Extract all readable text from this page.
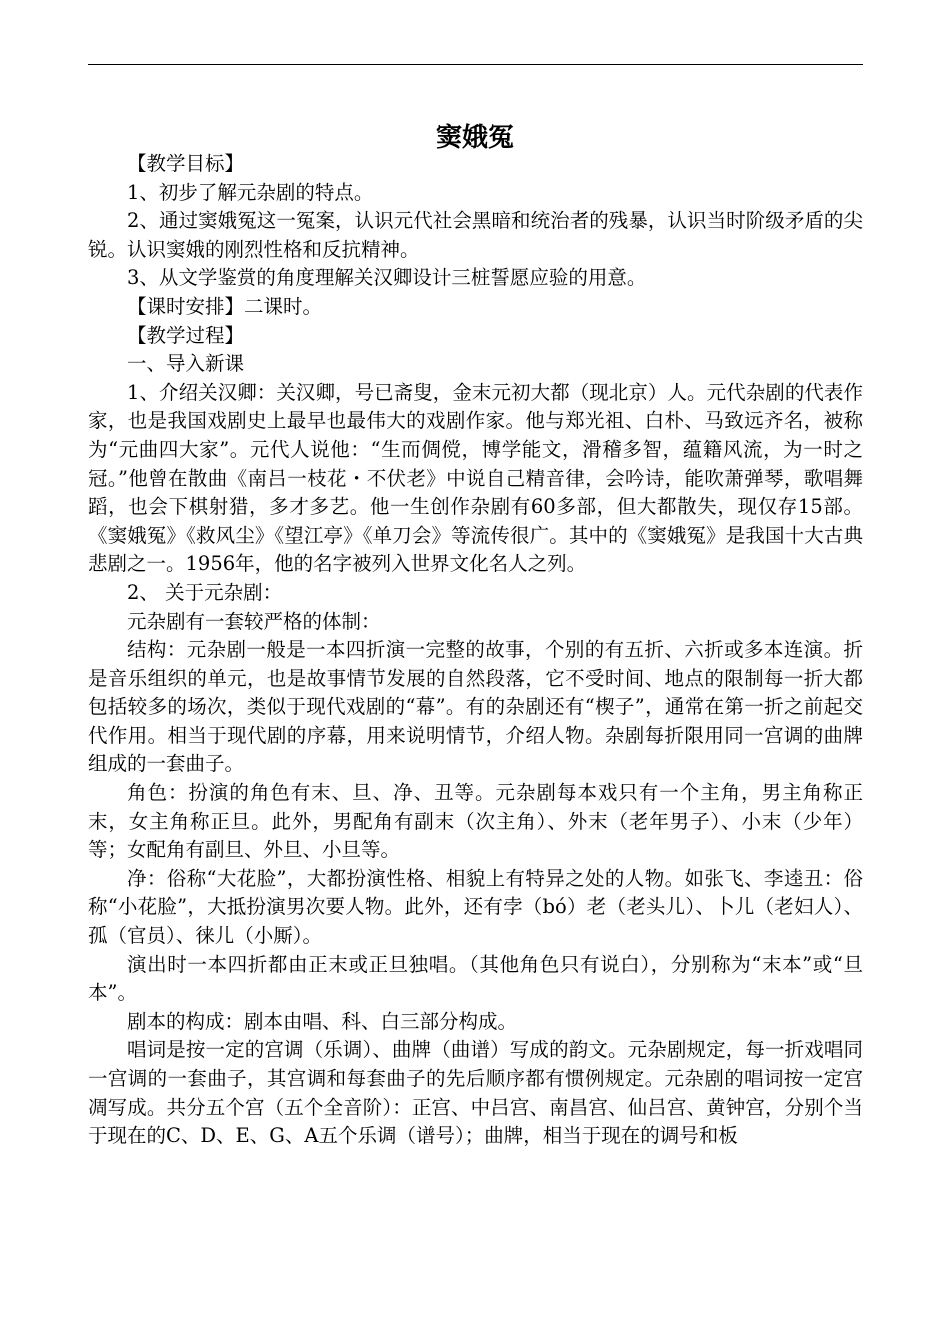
窦娥冤

【教学目标】

1、初步了解元杂剧的特点。

2、通过窦娥冤这一冤案，认识元代社会黑暗和统治者的残暴，认识当时阶级矛盾的尖锐。认识窦娥的刚烈性格和反抗精神。

3、从文学鉴赏的角度理解关汉卿设计三桩誓愿应验的用意。

【课时安排】二课时。

【教学过程】

一、导入新课

1、介绍关汉卿：关汉卿，号已斋叟，金末元初大都（现北京）人。元代杂剧的代表作家，也是我国戏剧史上最早也最伟大的戏剧作家。他与郑光祖、白朴、马致远齐名，被称为“元曲四大家”。元代人说他：“生而倜傥，博学能文，滑稽多智，蕴籍风流，为一时之冠。”他曾在散曲《南吕一枝花・不伏老》中说自己精音律，会吟诗，能吹萧弹琴，歌唱舞蹈，也会下棋射猎，多才多艺。他一生创作杂剧有60多部，但大都散失，现仅存15部。《窦娥冤》《救风尘》《望江亭》《单刀会》等流传很广。其中的《窦娥冤》是我国十大古典悲剧之一。1956年，他的名字被列入世界文化名人之列。

2、 关于元杂剧：

元杂剧有一套较严格的体制：

结构：元杂剧一般是一本四折演一完整的故事，个别的有五折、六折或多本连演。折是音乐组织的单元，也是故事情节发展的自然段落，它不受时间、地点的限制每一折大都包括较多的场次，类似于现代戏剧的“幕”。有的杂剧还有“楔子”，通常在第一折之前起交代作用。相当于现代剧的序幕，用来说明情节，介绍人物。杂剧每折限用同一宫调的曲牌组成的一套曲子。

角色：扮演的角色有末、旦、净、丑等。元杂剧每本戏只有一个主角，男主角称正末，女主角称正旦。此外，男配角有副末（次主角）、外末（老年男子）、小末（少年）等；女配角有副旦、外旦、小旦等。

净：俗称“大花脸”，大都扮演性格、相貌上有特异之处的人物。如张飞、李逵丑：俗称“小花脸”，大抵扮演男次要人物。此外，还有孛（bó）老（老头儿）、卜儿（老妇人）、孤（官员）、徕儿（小厮）。

演出时一本四折都由正末或正旦独唱。（其他角色只有说白），分别称为“末本”或“旦本”。

剧本的构成：剧本由唱、科、白三部分构成。

唱词是按一定的宫调（乐调）、曲牌（曲谱）写成的韵文。元杂剧规定，每一折戏唱同一宫调的一套曲子，其宫调和每套曲子的先后顺序都有惯例规定。元杂剧的唱词按一定宫凋写成。共分五个宫（五个全音阶）：正宫、中吕宫、南昌宫、仙吕宫、黄钟宫，分别个当于现在的C、D、E、G、A五个乐调（谱号）；曲牌，相当于现在的调号和板
